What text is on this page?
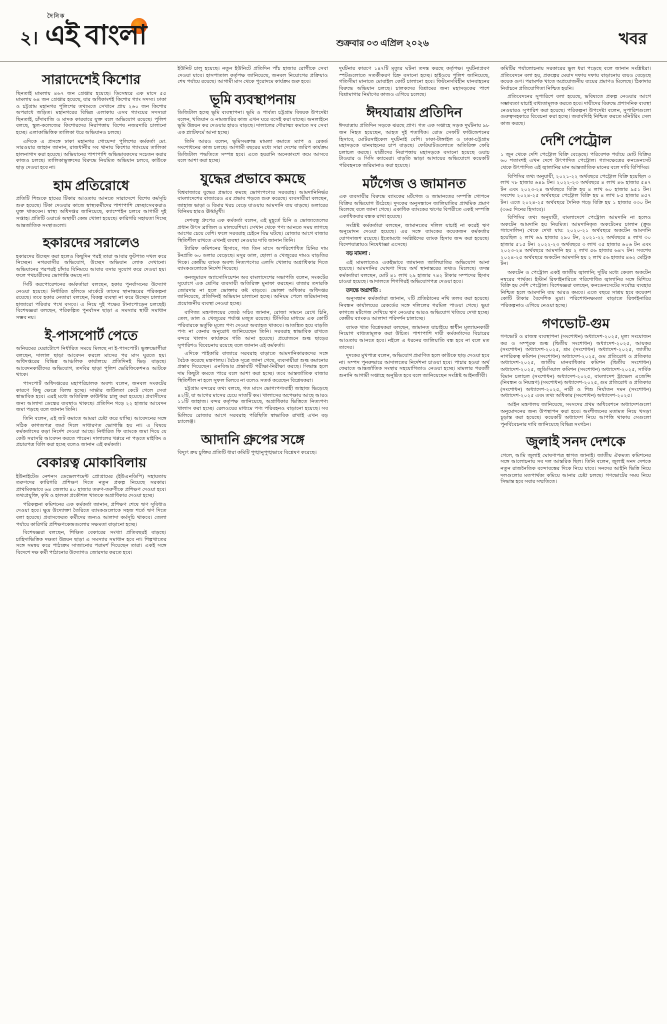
২।
দৈনিক
এই বাংলা	শুক্রবার ০৩ এপ্রিল ২০২৬	খবর
সারাদেশেই কিশোর

ছিনতাই মামলায় ৪৬৭ জন গ্রেপ্তার হয়েছে। ডিসেম্বরে এক মাসে ৫৫ মামলায় ৬৪ জন গ্রেপ্তার হয়েছে, যার অধিকাংশই কিশোর গ্যাং সদস্য। ঢাকা ও চট্টগ্রাম মহানগর পুলিশের তথ্যমতে সেখানে প্রায় ২৬০ জন কিশোর অপরাধে জড়িত। মহানগরের বিভিন্ন এলাকায় এসব গ্যাংয়ের সদস্যরা ছিনতাই, চাঁদাবাজি ও মাদক কারবারে যুক্ত বলে অভিযোগ রয়েছে। পুলিশ বলছে, স্কুল-কলেজের কিশোরদের নিরাপত্তায় বিশেষ নজরদারি চালানো হচ্ছে। এলাকাভিত্তিক তালিকা ধরে অভিযানও চলছে।

এদিকে এ প্রসঙ্গে ঢাকা মহানগর গোয়েন্দা পুলিশের কর্মকর্তা মো. সারওয়ার জাহান জানান, রাজধানীর সব থানায় কিশোর গ্যাংয়ের তালিকা হালনাগাদ করা হয়েছে। অভিযানের পাশাপাশি অভিভাবকদের সচেতন করার কাজও চলছে। তালিকাভুক্তদের বিরুদ্ধে নিয়মিত অভিযান চলবে, কাউকে ছাড় দেওয়া হবে না।

হাম প্রতিরোধে

প্রতিটি শিশুকে হামের টিকার আওতায় আনতে সারাদেশে বিশেষ কর্মসূচি শুরু হয়েছে। টিকা দেওয়ার কাজে স্বাস্থ্যকর্মীদের পাশাপাশি স্বেচ্ছাসেবকরাও যুক্ত থাকবেন। স্বাস্থ্য অধিদপ্তর জানিয়েছে, ক্যাম্পেইন চলবে আগামী দুই সপ্তাহ। প্রতিটি ওয়ার্ডে অস্থায়ী কেন্দ্র খোলা হয়েছে। কারিগরি সহায়তা দিচ্ছে আন্তর্জাতিক সংস্থাগুলো।

হকারদের সরালেও

হকারদের উচ্ছেদ করা হলেও কিছুদিন পরই তারা আবার ফুটপাত দখল করে নিচ্ছেন। নগরবাসীর অভিযোগ, উচ্ছেদ অভিযান লোক দেখানো। অভিযানের পরপরই চাঁদার বিনিময়ে আবার বসার সুযোগ করে দেওয়া হয়। ফলে পথচারীদের ভোগান্তি কমছে না।

সিটি করপোরেশনের কর্মকর্তারা বলছেন, হকার পুনর্বাসনের উদ্যোগ নেওয়া হয়েছে। নির্ধারিত হলিডে মার্কেটে তাদের স্থানান্তরের পরিকল্পনা রয়েছে। তবে হকার নেতারা বলছেন, বিকল্প ব্যবস্থা না করে উচ্ছেদ চালালে হাজারো পরিবার পথে বসবে। এ নিয়ে দুই পক্ষের টানাপোড়েন চলছেই। বিশেষজ্ঞরা বলছেন, পরিকল্পিত পুনর্বাসন ছাড়া এ সমস্যার স্থায়ী সমাধান সম্ভব নয়।

ই-পাসপোর্ট পেতে

অনিয়মের ঘেরাটোপে নির্ধারিত সময়ে মিলছে না ই-পাসপোর্ট। ভুক্তভোগীরা বলছেন, দালাল ছাড়া আবেদন করলে মাসের পর মাস ঘুরতে হয়। অধিদপ্তরের বিভিন্ন আঞ্চলিক কার্যালয়ে প্রতিদিনই ভিড় বাড়ছে। আবেদনকারীদের অভিযোগ, তদবির ছাড়া পুলিশ ভেরিফিকেশনও আটকে থাকে।

পাসপোর্ট অধিদপ্তরের মহাপরিচালক অবশ্য বলেন, জনবল সংকটের কারণে কিছু ক্ষেত্রে বিলম্ব হচ্ছে। সার্ভার জটিলতা কেটে গেলে সেবা স্বাভাবিক হবে। এরই মধ্যে অতিরিক্ত কাউন্টার চালু করা হয়েছে। প্রবাসীদের জন্য আলাদা ডেস্কের ব্যবস্থাও থাকছে। প্রতিদিন গড়ে ২২ হাজার আবেদন জমা পড়ছে বলে জানান তিনি।

তিনি বলেন, এই জট কমাতে আমরা চেষ্টা করে যাচ্ছি। আবেদনের সঙ্গে সঠিক কাগজপত্র জমা দিলে সাধারণত ভোগান্তি হয় না। এ বিষয়ে কর্মকর্তাদের কড়া নির্দেশ দেওয়া আছে। নির্ধারিত ফি ব্যাংকে জমা দিয়ে যে কেউ সরাসরি আবেদন করতে পারেন। দালালের খপ্পরে না পড়তে মাইকিং ও প্রচারপত্র বিলি করা হচ্ছে বলেও জানান এই কর্মকর্তা।

বেকারত্ব মোকাবিলায়

ইউনাইটেড নেশনস ডেভেলপমেন্ট প্রোগ্রামের (ইউএনডিপি) সহায়তায় তরুণদের কারিগরি প্রশিক্ষণ দিতে নতুন প্রকল্প নিয়েছে সরকার। প্রাথমিকভাবে ৬৪ জেলায় ৪০ হাজার তরুণ-তরুণীকে প্রশিক্ষণ দেওয়া হবে। তথ্যপ্রযুক্তি, কৃষি ও হালকা প্রকৌশল খাতকে অগ্রাধিকার দেওয়া হচ্ছে।

পরিকল্পনা কমিশনের এক কর্মকর্তা জানান, প্রশিক্ষণ শেষে ঋণ সুবিধাও দেওয়া হবে। ক্ষুদ্র উদ্যোক্তা তৈরিতে ব্যাংকগুলোকে সহজ শর্তে ঋণ দিতে বলা হয়েছে। প্রবাসফেরত কর্মীদের জন্যও আলাদা কর্মসূচি থাকবে। জেলা পর্যায়ে কারিগরি প্রশিক্ষণকেন্দ্রগুলোর সক্ষমতা বাড়ানো হচ্ছে।

বিশেষজ্ঞরা বলছেন, শিক্ষিত বেকারের সংখ্যা প্রতিবছরই বাড়ছে। চাহিদাভিত্তিক দক্ষতা উন্নয়ন ছাড়া এ সমস্যার সমাধান হবে না। শিল্পখাতের সঙ্গে সমন্বয় করে পাঠ্যক্রম সাজানোর পরামর্শ দিয়েছেন তারা। একই সঙ্গে বিদেশে দক্ষ কর্মী পাঠানোর উদ্যোগও জোরদার করতে হবে।

ইউনিট চালু হয়েছে। নতুন ইউনিটে প্রতিদিন পাঁচ হাজার রোগীকে সেবা দেওয়া যাবে। হাসপাতাল কর্তৃপক্ষ জানিয়েছে, জনবল নিয়োগের প্রক্রিয়াও শেষ পর্যায়ে রয়েছে। আগামী মাস থেকে পুরোদমে কার্যক্রম শুরু হবে।

ভূমি ব্যবস্থাপনায়

ডিজিটাল হচ্ছে ভূমি ব্যবস্থাপনা। ভূমি ও পার্বত্য চট্টগ্রাম বিষয়ক উপদেষ্টা বলেন, খতিয়ান ও নামজারির কাজ এখন ঘরে বসেই করা যাচ্ছে। অনলাইনে ভূমি উন্নয়ন কর দেওয়ার হারও বাড়ছে। দালালের দৌরাত্ম্য কমাতে সব সেবা এক প্ল্যাটফর্মে আনা হচ্ছে।

তিনি আরও বলেন, ভূমিসংক্রান্ত মামলা কমাতে ম্যাপ ও রেকর্ড সংশোধনের কাজ চলছে। আগামী বছরের মধ্যে সারা দেশের জরিপ কার্যক্রম ডিজিটাল পদ্ধতিতে সম্পন্ন হবে। এতে হয়রানি অনেকাংশে কমে আসবে বলে আশা করা হচ্ছে।

যুদ্ধের প্রভাবে কমছে

বিশ্ববাজারে যুদ্ধের প্রভাবে কমছে ভোগ্যপণ্যের সরবরাহ। আমদানিনির্ভর বাংলাদেশের বাজারেও এর প্রভাব পড়তে শুরু করেছে। ব্যবসায়ীরা বলছেন, জাহাজ ভাড়া ও বিমার খরচ বেড়ে যাওয়ায় আমদানি ব্যয় বাড়ছে। ডলারের বিনিময় হারও ঊর্ধ্বমুখী।

দেশবন্ধু গ্রুপের এক কর্মকর্তা বলেন, এই মুহূর্তে চিনি ও ভোজ্যতেলের প্রধান উৎস ব্রাজিল ও মালয়েশিয়া। সেখান থেকে পণ্য আনতে সময় লাগছে আগের চেয়ে বেশি। ফলে সরবরাহ চেইনে বিঘ্ন ঘটছে। রোজার আগে বাজার স্থিতিশীল রাখতে এখনই ব্যবস্থা নেওয়ার দাবি জানান তিনি।

ট্যারিফ কমিশনের হিসাবে, গত তিন মাসে অপরিশোধিত চিনির দাম টনপ্রতি ৬০ ডলার বেড়েছে। মসুর ডাল, ছোলা ও খেজুরের দামও বাড়তির দিকে। কেন্দ্রীয় ব্যাংক অবশ্য নিত্যপণ্যের এলসি খোলায় অগ্রাধিকার দিতে ব্যাংকগুলোকে নির্দেশ দিয়েছে।

কনজুমারস অ্যাসোসিয়েশন অব বাংলাদেশের সভাপতি বলেন, সংকটের সুযোগে এক শ্রেণির ব্যবসায়ী অতিরিক্ত মুনাফা করছেন। বাজার তদারকি জোরদার না হলে ভোক্তার কষ্ট বাড়বে। ভোক্তা অধিকার অধিদপ্তর জানিয়েছে, প্রতিদিনই অভিযান চালানো হচ্ছে। অনিয়ম পেলে জরিমানাসহ প্রয়োজনীয় ব্যবস্থা নেওয়া হচ্ছে।

বাণিজ্য মন্ত্রণালয়ের জ্যেষ্ঠ সচিব জানান, রোজা সামনে রেখে চিনি, তেল, ডাল ও খেজুরের পর্যাপ্ত মজুত রয়েছে। টিসিবির মাধ্যমে এক কোটি পরিবারকে ভর্তুকি মূল্যে পণ্য দেওয়া অব্যাহত থাকবে। আতঙ্কিত হয়ে বাড়তি পণ্য না কেনার অনুরোধ জানিয়েছেন তিনি। সরবরাহ স্বাভাবিক রাখতে বন্দরে খালাস কার্যক্রমে গতি আনা হয়েছে। প্রয়োজনে শুল্ক ছাড়ের সুপারিশও বিবেচনায় রয়েছে বলে জানান এই কর্মকর্তা।

এদিকে পাইকারি বাজারে সরবরাহ বাড়াতে আমদানিকারকদের সঙ্গে বৈঠক করেছে মন্ত্রণালয়। বৈঠক সূত্রে জানা গেছে, ব্যবসায়ীরা শুল্ক কমানোর প্রস্তাব দিয়েছেন। এনবিআর প্রস্তাবটি পরীক্ষা-নিরীক্ষা করছে। সিদ্ধান্ত হলে দাম কিছুটা কমতে পারে বলে আশা করা হচ্ছে। তবে আন্তর্জাতিক বাজার স্থিতিশীল না হলে সুফল মিলবে না বলেও সতর্ক করেছেন বিশ্লেষকরা।

চট্টগ্রাম বন্দরের তথ্য বলছে, গত মাসে ভোগ্যপণ্যবাহী জাহাজ ভিড়েছে ৪২টি, যা আগের মাসের চেয়ে সাতটি কম। খালাসের অপেক্ষায় আছে আরও ১১টি জাহাজ। বন্দর কর্তৃপক্ষ জানিয়েছে, অগ্রাধিকার ভিত্তিতে নিত্যপণ্য খালাস করা হচ্ছে। রেলওয়ের মাধ্যমে পণ্য পরিবহনও বাড়ানো হয়েছে। সব মিলিয়ে রোজার আগে সরবরাহ পরিস্থিতি স্বাভাবিক রাখাই এখন বড় চ্যালেঞ্জ।

আদানি গ্রুপের সঙ্গে

বিদ্যুৎ ক্রয় চুক্তির প্রতিটি ধারা কমিটি পুঙ্খানুপুঙ্খভাবে বিশ্লেষণ করেছে।

দুর্ঘটনার কারণে ১৪৭টি মৃত্যুর ঘটনা তদন্ত করছে কর্তৃপক্ষ। দুর্ঘটনাপ্রবণ স্পটগুলোতে সতর্কীকরণ চিহ্ন বসানো হচ্ছে। হাইওয়ে পুলিশ জানিয়েছে, গতিসীমা মানাতে মোবাইল কোর্ট চালানো হবে। ফিটনেসবিহীন যানবাহনের বিরুদ্ধে অভিযান চলছে। চালকদের বিশ্রামের জন্য মহাসড়কের পাশে বিশ্রামাগার নির্মাণের কাজও এগিয়ে চলেছে।

ঈদযাত্রায় প্রতিদিন

ঈদযাত্রায় প্রতিদিন সড়কে ঝরছে প্রাণ। গত এক সপ্তাহে সড়ক দুর্ঘটনায় ৯৮ জন নিহত হয়েছেন, আহত দুই শতাধিক। রোড সেফটি ফাউন্ডেশনের হিসাবে, মোটরসাইকেল দুর্ঘটনাই বেশি। ঢাকা-টাঙ্গাইল ও ঢাকা-চট্টগ্রাম মহাসড়কে যানবাহনের চাপ বাড়ছে। ফেরিঘাটগুলোতে অতিরিক্ত ফেরি চলাচল করছে। যাত্রীদের নিরাপত্তায় মহাসড়কে বসানো হয়েছে ওয়াচ টাওয়ার ও সিসি ক্যামেরা। বাড়তি ভাড়া আদায়ের অভিযোগে কয়েকটি পরিবহনকে জরিমানাও করা হয়েছে।

মর্টগেজ ও জামানত

এক ব্যবসায়ীর বিরুদ্ধে ব্যাংকের মর্টগেজ ও জামানতের সম্পত্তি গোপনে বিক্রির অভিযোগ উঠেছে। দুদকের অনুসন্ধানে জালিয়াতির প্রাথমিক প্রমাণ মিলেছে বলে জানা গেছে। একাধিক ব্যাংকের ঋণের বিপরীতে একই সম্পত্তি একাধিকবার বন্ধক রাখা হয়েছে।

সংশ্লিষ্ট কর্মকর্তারা বলছেন, জামানতের দলিল যাচাই না করেই ঋণ অনুমোদন দেওয়া হয়েছে। এর সঙ্গে ব্যাংকের কয়েকজন কর্মকর্তার যোগসাজশ রয়েছে। ইতোমধ্যে সংশ্লিষ্টদের ব্যাংক হিসাব জব্দ করা হয়েছে। বিদেশযাত্রায়ও নিষেধাজ্ঞা এসেছে।

বড় মামলা :

এই মামলাতেও একইভাবে জামানত জালিয়াতির অভিযোগ আনা হয়েছে। আমদানির ঘোষণা দিয়ে অর্থ স্থানান্তরের তথ্যও মিলেছে। তদন্ত কর্মকর্তারা বলছেন, মোট ৪১ লাখ ২৯ হাজার ৭৪২ টাকার সম্পদের হিসাব চাওয়া হয়েছে। আদালতে শিগগিরই অভিযোগপত্র দেওয়া হবে।

তদন্তে অগ্রগতি :

অনুসন্ধান কর্মকর্তারা জানান, ৭টি প্রতিষ্ঠানের নথি তলব করা হয়েছে। নিবন্ধন কার্যালয়ের রেকর্ডের সঙ্গে দলিলের গরমিল পাওয়া গেছে। ভুয়া কাগজে মর্টগেজ দেখিয়ে ঋণ নেওয়ার আরও অভিযোগ খতিয়ে দেখা হচ্ছে। কেন্দ্রীয় ব্যাংকও আলাদা পরিদর্শন চালাচ্ছে।

ব্যাংক খাত বিশ্লেষকরা বলছেন, জামানত যাচাইয়ে স্বাধীন মূল্যায়নকারী নিয়োগ বাধ্যতামূলক করা উচিত। পাশাপাশি দায়ী কর্মকর্তাদের বিচারের আওতায় আনতে হবে। নইলে এ ধরনের জালিয়াতি বন্ধ হবে না বলে মত তাদের।

দুদকের মুখপাত্র বলেন, অভিযোগ প্রমাণিত হলে কাউকে ছাড় দেওয়া হবে না। সম্পদ পুনরুদ্ধারে আদালতের নির্দেশনা চাওয়া হবে। পাচার হওয়া অর্থ ফেরাতে আন্তর্জাতিক সংস্থার সহযোগিতাও নেওয়া হচ্ছে। মামলার পরবর্তী শুনানি আগামী সপ্তাহে অনুষ্ঠিত হবে বলে জানিয়েছেন সংশ্লিষ্ট আইনজীবী।

কমিটির পর্যালোচনায় সরকারের ভুল ধরা পড়েছে বলে জানান সংশ্লিষ্টরা। প্রতিবেদনে বলা হয়, প্রকল্পের মেয়াদ দফায় দফায় বাড়ানোয় ব্যয়ও বেড়েছে কয়েক গুণ। পরামর্শক খাতে অপ্রয়োজনীয় ব্যয়ের প্রমাণও মিলেছে। ঠিকাদার নির্বাচনে প্রতিযোগিতা নিশ্চিত হয়নি।

প্রতিবেদনের সুপারিশে বলা হয়েছে, ভবিষ্যতে প্রকল্প নেওয়ার আগে সম্ভাব্যতা যাচাই বাধ্যতামূলক করতে হবে। দায়ীদের বিরুদ্ধে প্রশাসনিক ব্যবস্থা নেওয়ারও সুপারিশ করা হয়েছে। পরিকল্পনা উপদেষ্টা বলেন, সুপারিশগুলো গুরুত্বসহকারে বিবেচনা করা হচ্ছে। জবাবদিহি নিশ্চিত করতে মনিটরিং সেল কাজ করছে।

দেশি পেট্রোল

১ জুন থেকে দেশি পেট্রোল বিক্রি বেড়েছে। পরিবেশক পর্যায়ে মোট বিক্রির ৬০ শতাংশই এখন দেশে উৎপাদিত পেট্রোল। গ্যাসক্ষেত্রের কনডেনসেট থেকে উৎপাদিত এই জ্বালানির মান আন্তর্জাতিক মানের বলে দাবি বিপিসির।

বিপিসির তথ্য অনুযায়ী, ২০২১-২২ অর্থবছরে পেট্রোল বিক্রি হয়েছিল ৩ লাখ ৭৮ হাজার ৬৪৯ টন। ২০২২-২৩ অর্থবছরে ৪ লাখ ৪৬ হাজার ৫৪৭ টন এবং ২০২৩-২৪ অর্থবছরে বিক্রি হয় ৪ লাখ ৬০ হাজার ৯৫১ টন। সবশেষ ২০২৪-২৫ অর্থবছরে পেট্রোল বিক্রি হয় ৪ লাখ ৮৫ হাজার ৪৫৭ টন। এতে ২০২৪-২৫ অর্থবছরে দৈনিক গড়ে বিক্রি হয় ১ হাজার ৩৩০ টন (৩৬৫ দিনের হিসাবে)।

বিপিসির তথ্য অনুযায়ী, বাংলাদেশে পেট্রোল আমদানি না হলেও অকটেন আমদানি হয় নিয়মিত। আমদানিকৃত অকটেনের চালান (ক্রুড গ্যাসোলিন) থেকে দেখা যায়: ২০২০-২১ অর্থবছরে অকটেন আমদানি হয়েছিল ২ লাখ ৬৯ হাজার ২৯০ টন, ২০২১-২২ অর্থবছরে ৪ লাখ ৩০ হাজার ৫১৫ টন। ২০২২-২৩ অর্থবছরে ৩ লাখ ৩৫ হাজার ৬০৬ টন এবং ২০২৩-২৪ অর্থবছরে আমদানি হয় ২ লাখ ৫৬ হাজার ৬৪৭ টন। সবশেষ ২০২৪-২৫ অর্থবছরে অকটেন আমদানি হয় ২ লাখ ৫৬ হাজার ৪৬২ মেট্রিক টন।

অকটেন ও পেট্রোল একই জাতীয় জ্বালানি; দুটির মধ্যে কেবল অকটেন নম্বরের পার্থক্য। ইস্টার্ন রিফাইনারিতে পরিশোধিত জ্বালানির সঙ্গে মিশিয়ে বিক্রি হয় দেশি পেট্রোল। বিশেষজ্ঞরা বলছেন, কনডেনসেটের সর্বোচ্চ ব্যবহার নিশ্চিত হলে আমদানি ব্যয় আরও কমবে। এতে বছরে সাশ্রয় হবে কয়েকশ কোটি টাকার বৈদেশিক মুদ্রা। পরিশোধনক্ষমতা বাড়াতে রিফাইনারির পরিকল্পনাও এগিয়ে নেওয়া হচ্ছে।

গণভোট-গুম

গণভোট ও রাজস্ব ব্যবস্থাপনা (সংশোধন) অধ্যাদেশ-২০২৫, মূল্য সংযোজন কর ও সম্পূরক শুল্ক (দ্বিতীয় সংশোধন) অধ্যাদেশ-২০২৫, আয়কর (সংশোধন) অধ্যাদেশ-২০২৫, শ্রম (সংশোধন) অধ্যাদেশ-২০২৫, জাতীয় নাগরিকত্ব কমিশন (সংশোধন) অধ্যাদেশ-২০২৫, গুম প্রতিরোধ ও প্রতিকার অধ্যাদেশ-২০২৫, জাতীয় মানবাধিকার কমিশন (দ্বিতীয় সংশোধন) অধ্যাদেশ-২০২৫, জুডিসিয়াল কমিশন (সংশোধন) অধ্যাদেশ-২০২৫, সার্বিক বিমান চলাচল (সংশোধন) অধ্যাদেশ-২০২৫, বাংলাদেশ ট্রাভেল এজেন্সি (নিবন্ধন ও নিয়ন্ত্রণ) (সংশোধন) অধ্যাদেশ-২০২৫, গুম প্রতিরোধ ও প্রতিকার (সংশোধন) অধ্যাদেশ-২০২৫, নারী ও শিশু নির্যাতন দমন (সংশোধন) অধ্যাদেশ-২০২৫ এবং তথ্য অধিকার (সংশোধন) অধ্যাদেশ-২০২৫।

আইন মন্ত্রণালয় জানিয়েছে, সংসদের প্রথম অধিবেশনে অধ্যাদেশগুলো অনুমোদনের জন্য উপস্থাপন করা হবে। অংশীজনের মতামত নিয়ে খসড়া চূড়ান্ত করা হয়েছে। কয়েকটি অধ্যাদেশ নিয়ে আপত্তি থাকায় সেগুলো পুনর্বিবেচনার দাবি জানিয়েছে বিভিন্ন সংগঠন।

জুলাই সনদ দেশকে

গেলে, আমি জুলাই ঘোষণাপত্র স্বাগত জানাই। জাতীয় ঐকমত্য কমিশনের সঙ্গে আলোচনায় সব দল আন্তরিক ছিল। তিনি বলেন, জুলাই সনদ দেশকে নতুন রাজনৈতিক বন্দোবস্তের দিকে নিয়ে যাবে। সনদের আইনি ভিত্তি নিয়ে দলগুলোর মতপার্থক্য কমিয়ে আনার চেষ্টা চলছে। গণভোটের সময় নিয়ে সিদ্ধান্ত হবে সবার সম্মতিতে।
